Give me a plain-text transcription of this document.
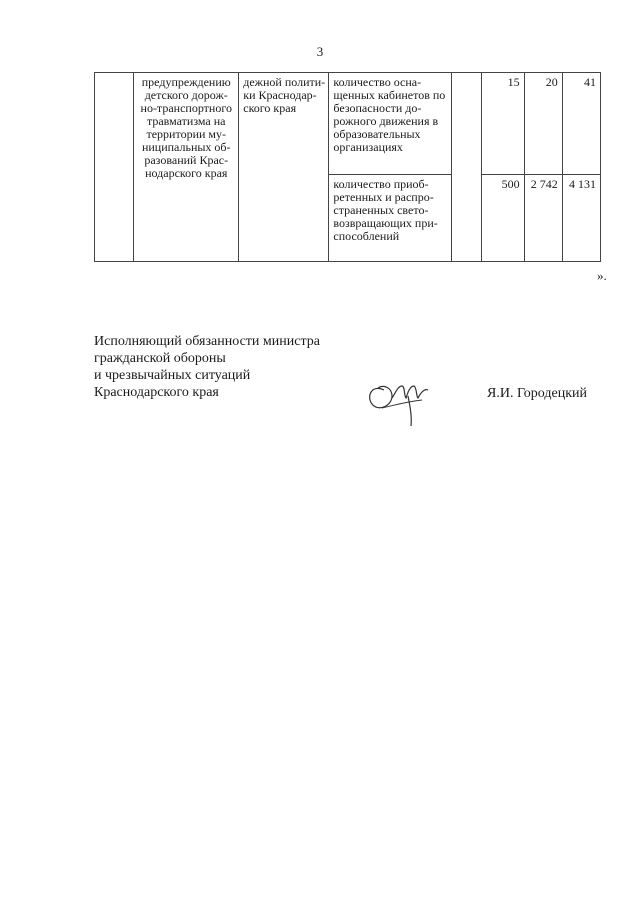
3
	предупреждению детского дорож-но-транспортного травматизма на территории му-ниципальных об-разований Крас-нодарского края	дежной полити-ки Краснодар-ского края	количество осна-щенных кабинетов по безопасности до-рожного движения в образовательных организациях		15	20	41
			количество приоб-ретенных и распро-страненных свето-возвращающих при-способлений		500	2 742	4 131
».
Исполняющий обязанности министра
гражданской обороны
и чрезвычайных ситуаций
Краснодарского края	Я.И. Городецкий
